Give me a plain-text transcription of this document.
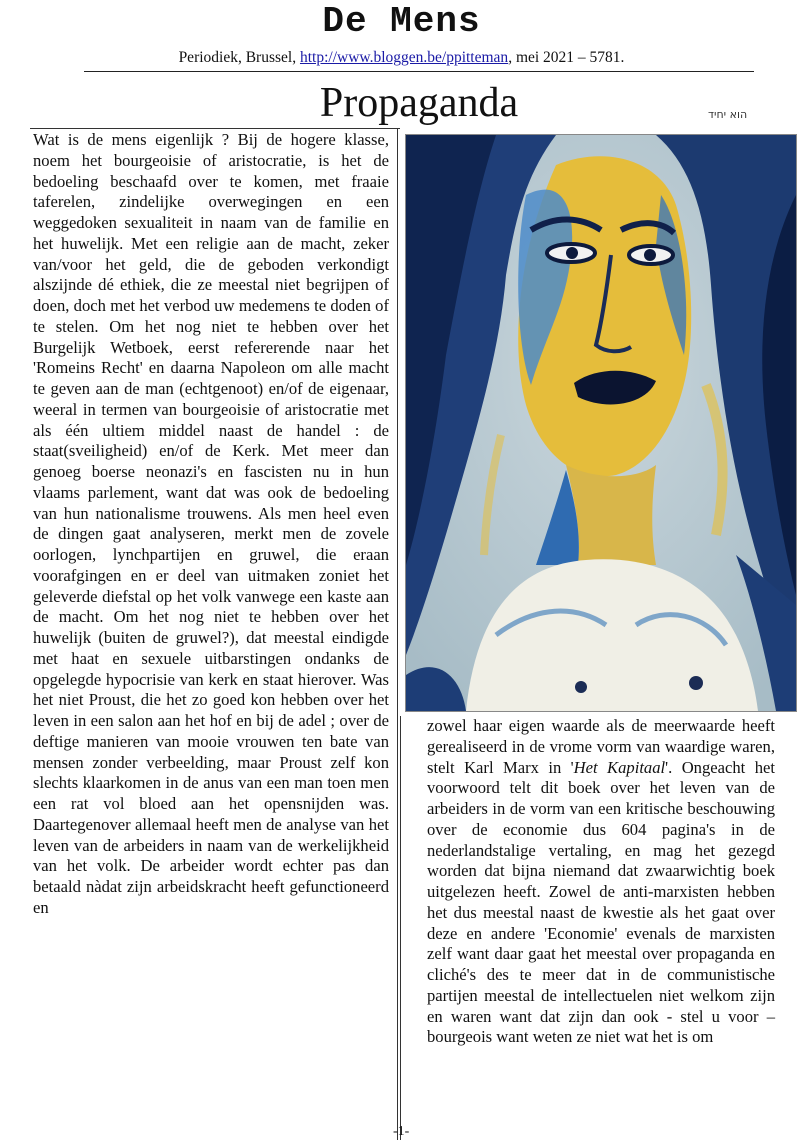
De Mens
Periodiek, Brussel, http://www.bloggen.be/ppitteman, mei 2021 – 5781.
Propaganda	הוא יחיד
Wat is de mens eigenlijk ? Bij de hogere klasse, noem het bourgeoisie of aristocratie, is het de bedoeling beschaafd over te komen, met fraaie taferelen, zindelijke overwegingen en een weggedoken sexualiteit in naam van de familie en het huwelijk. Met een religie aan de macht, zeker van/voor het geld, die de geboden verkondigt alszijnde dé ethiek, die ze meestal niet begrijpen of doen, doch met het verbod uw medemens te doden of te stelen. Om het nog niet te hebben over het Burgelijk Wetboek, eerst refererende naar het 'Romeins Recht' en daarna Napoleon om alle macht te geven aan de man (echtgenoot) en/of de eigenaar, weeral in termen van bourgeoisie of aristocratie met als één ultiem middel naast de handel : de staat(sveiligheid) en/of de Kerk. Met meer dan genoeg boerse neonazi's en fascisten nu in hun vlaams parlement, want dat was ook de bedoeling van hun nationalisme trouwens. Als men heel even de dingen gaat analyseren, merkt men de zovele oorlogen, lynchpartijen en gruwel, die eraan voorafgingen en er deel van uitmaken zoniet het geleverde diefstal op het volk vanwege een kaste aan de macht. Om het nog niet te hebben over het huwelijk (buiten de gruwel?), dat meestal eindigde met haat en sexuele uitbarstingen ondanks de opgelegde hypocrisie van kerk en staat hierover. Was het niet Proust, die het zo goed kon hebben over het leven in een salon aan het hof en bij de adel ; over de deftige manieren van mooie vrouwen ten bate van mensen zonder verbeelding, maar Proust zelf kon slechts klaarkomen in de anus van een man toen men een rat vol bloed aan het opensnijden was. Daartegenover allemaal heeft men de analyse van het leven van de arbeiders in naam van de werkelijkheid van het volk. De arbeider wordt echter pas dan betaald nàdat zijn arbeidskracht heeft gefunctioneerd en
zowel haar eigen waarde als de meerwaarde heeft gerealiseerd in de vrome vorm van waardige waren, stelt Karl Marx in 'Het Kapitaal'. Ongeacht het voorwoord telt dit boek over het leven van de arbeiders in de vorm van een kritische beschouwing over de economie dus 604 pagina's in de nederlandstalige vertaling, en mag het gezegd worden dat bijna niemand dat zwaarwichtig boek uitgelezen heeft. Zowel de anti-marxisten hebben het dus meestal naast de kwestie als het gaat over deze en andere 'Economie' evenals de marxisten zelf want daar gaat het meestal over propaganda en cliché's des te meer dat in de communistische partijen meestal de intellectuelen niet welkom zijn en waren want dat zijn dan ook - stel u voor – bourgeois want weten ze niet wat het is om
-1-
